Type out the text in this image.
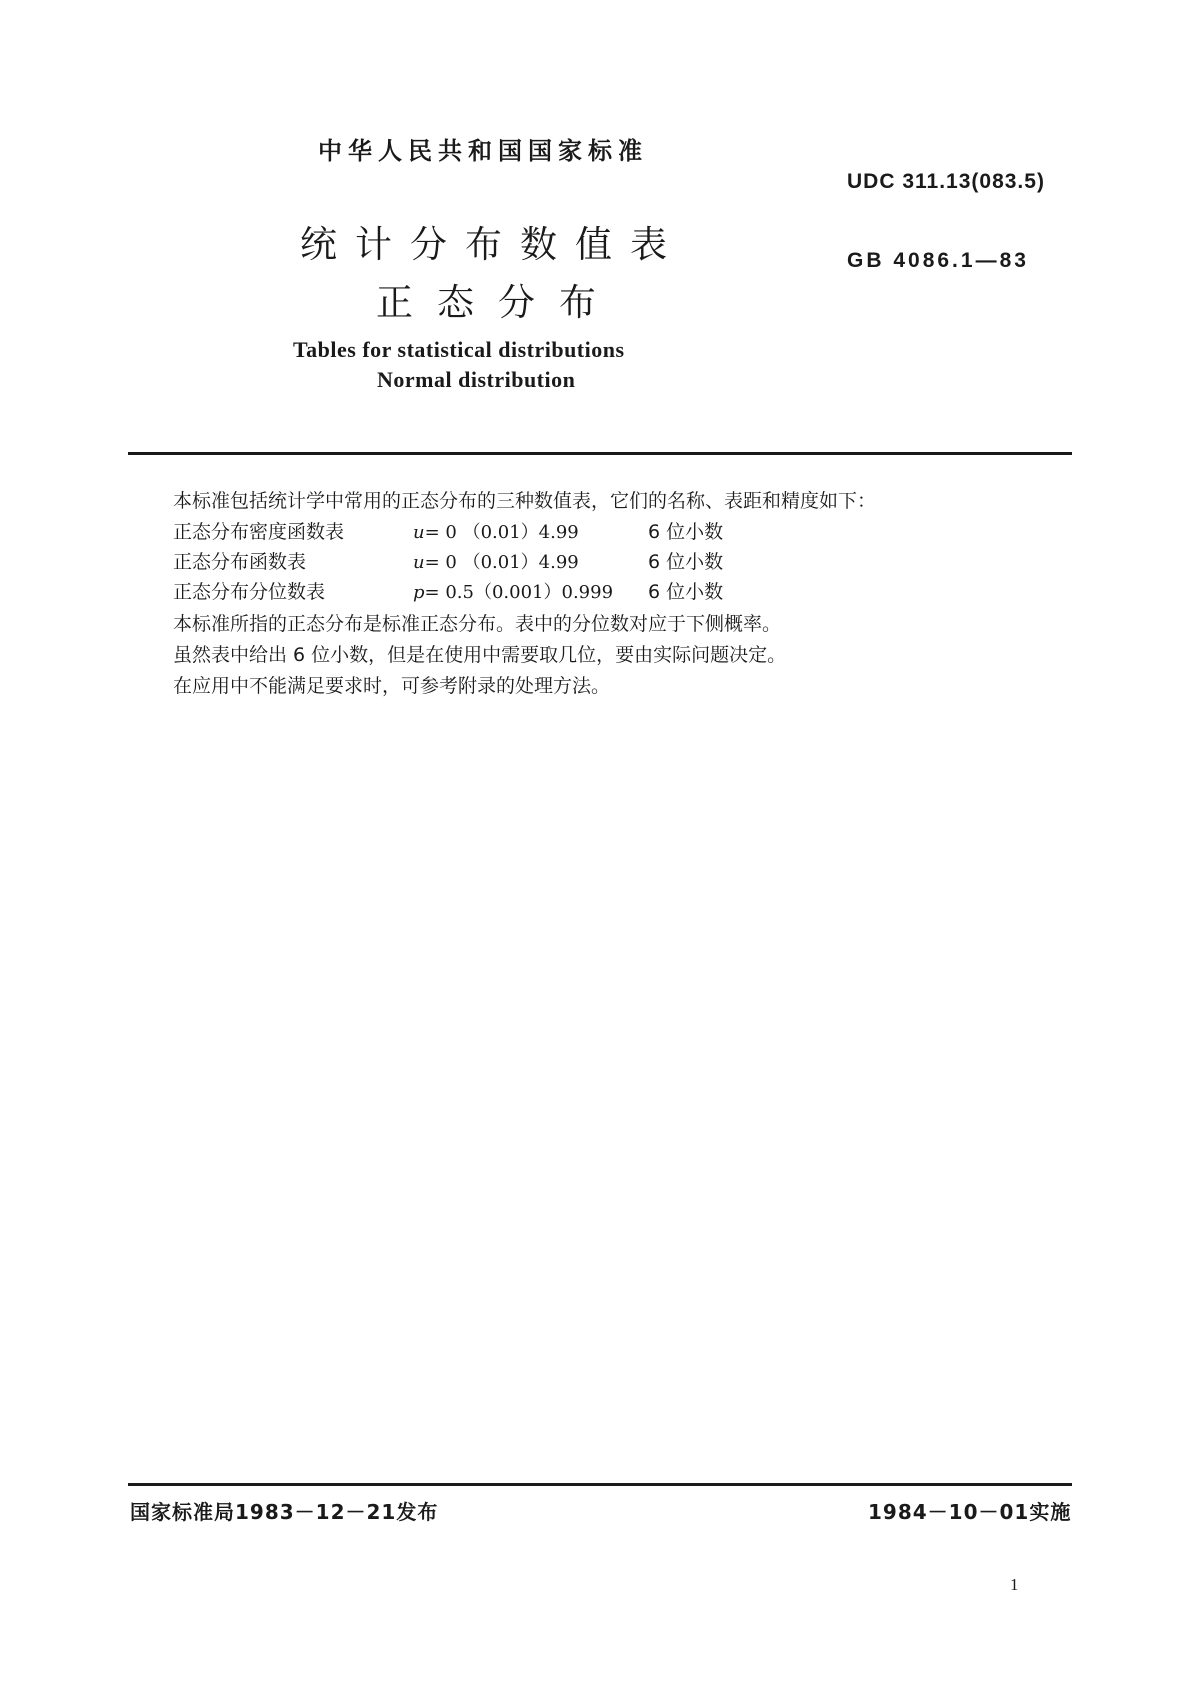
中华人民共和国国家标准
UDC 311.13(083.5)
统计分布数值表	GB 4086.1—83
正态分布
Tables for statistical distributions
Normal distribution
本标准包括统计学中常用的正态分布的三种数值表，它们的名称、表距和精度如下：
正态分布密度函数表	u= 0 （0.01）4.99	6 位小数
正态分布函数表	u= 0 （0.01）4.99	6 位小数
正态分布分位数表	p= 0.5（0.001）0.999 6 位小数
本标准所指的正态分布是标准正态分布。表中的分位数对应于下侧概率。
虽然表中给出 6 位小数，但是在使用中需要取几位，要由实际问题决定。
在应用中不能满足要求时，可参考附录的处理方法。
国家标准局1983－12－21发布	1984－10－01实施
1
